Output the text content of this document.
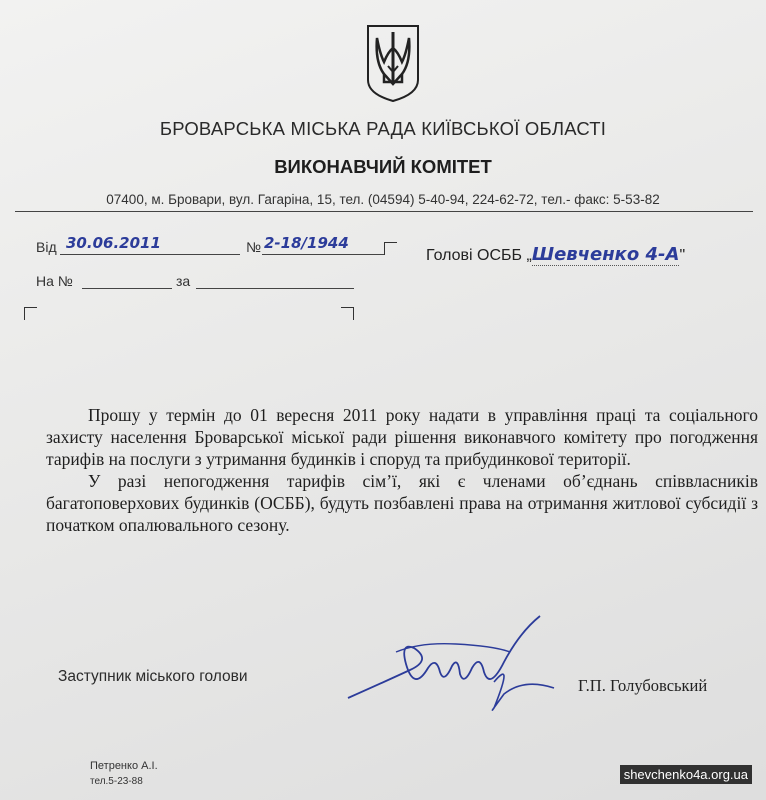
БРОВАРСЬКА МІСЬКА РАДА КИЇВСЬКОЇ ОБЛАСТІ
ВИКОНАВЧИЙ КОМІТЕТ
07400, м. Бровари, вул. Гагаріна, 15, тел. (04594) 5-40-94, 224-62-72, тел.- факс: 5-53-82
Від 30.06.2011	№ 2-18/1944
На №	за
Голові ОСББ „Шевченко 4-А"

Прошу у термін до 01 вересня 2011 року надати в управління праці та соціального захисту населення Броварської міської ради рішення виконавчого комітету про погодження тарифів на послуги з утримання будинків і споруд та прибудинкової території.

У разі непогодження тарифів сім’ї, які є членами об’єднань співвласників багатоповерхових будинків (ОСББ), будуть позбавлені права на отримання житлової субсидії з початком опалювального сезону.

Заступник міського голови	Г.П. Голубовський
Петренко А.І.
тел.5-23-88	shevchenko4a.org.ua
